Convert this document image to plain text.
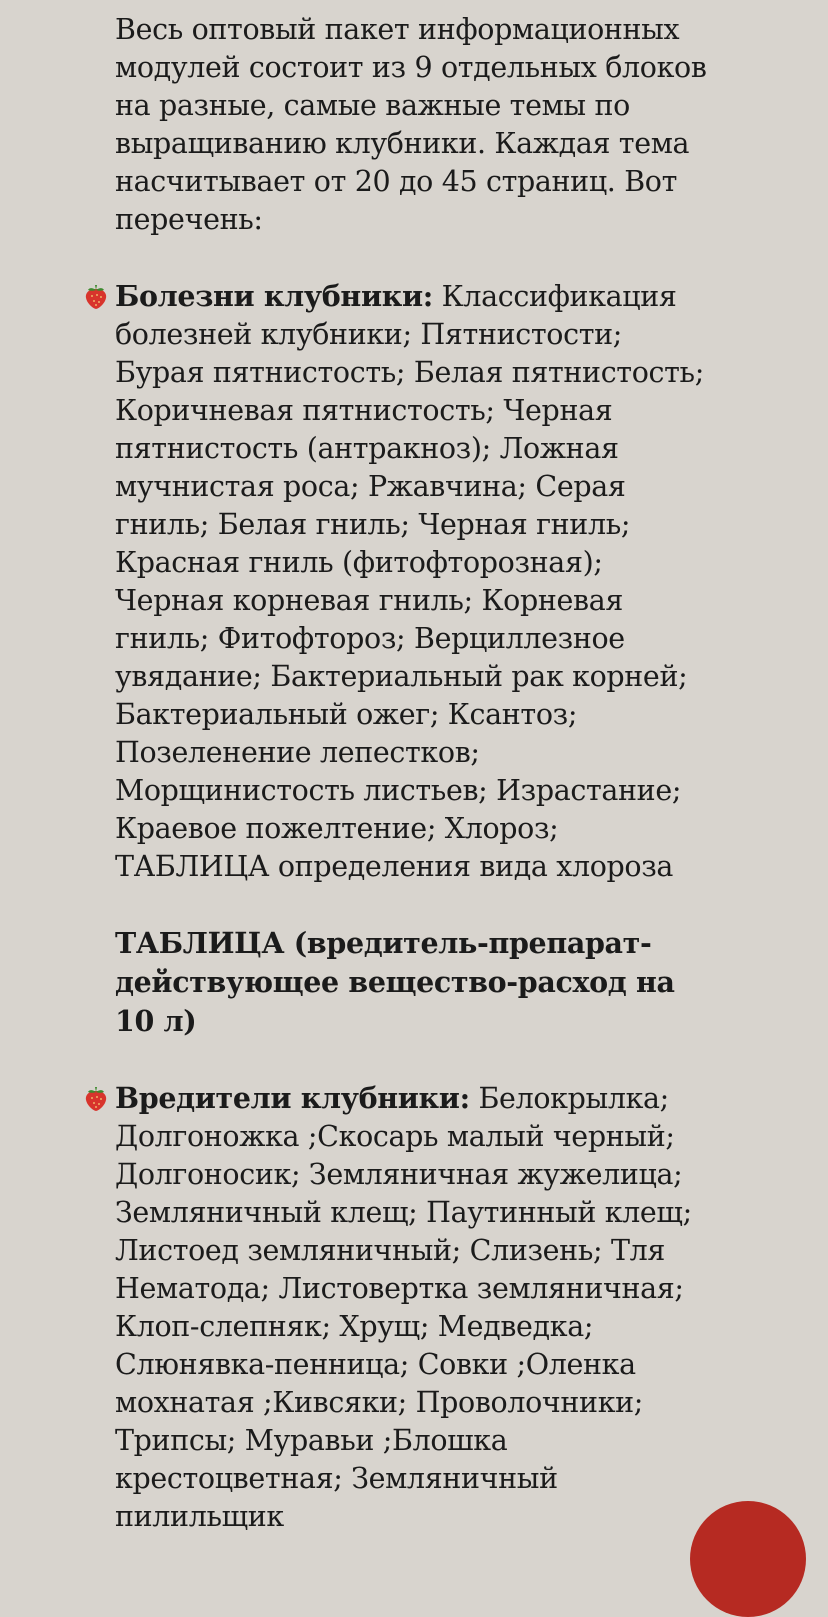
Весь оптовый пакет информационных модулей состоит из 9 отдельных блоков на разные, самые важные темы по выращиванию клубники. Каждая тема насчитывает от 20 до 45 страниц. Вот перечень:

Болезни клубники: Классификация болезней клубники; Пятнистости; Бурая пятнистость; Белая пятнистость; Коричневая пятнистость; Черная пятнистость (антракноз); Ложная мучнистая роса; Ржавчина; Серая гниль; Белая гниль; Черная гниль; Красная гниль (фитофторозная); Черная корневая гниль; Корневая гниль; Фитофтороз; Верциллезное увядание; Бактериальный рак корней; Бактериальный ожег; Ксантоз; Позеленение лепестков; Морщинистость листьев; Израстание; Краевое пожелтение; Хлороз; ТАБЛИЦА определения вида хлороза

ТАБЛИЦА (вредитель-препарат-действующее вещество-расход на 10 л)

Вредители клубники: Белокрылка; Долгоножка ;Скосарь малый черный; Долгоносик; Земляничная жужелица; Земляничный клещ; Паутинный клещ; Листоед земляничный; Слизень; Тля Нематода; Листовертка земляничная; Клоп-слепняк; Хрущ; Медведка; Слюнявка-пенница; Совки ;Оленка мохнатая ;Кивсяки; Проволочники; Трипсы; Муравьи ;Блошка крестоцветная; Земляничный пилильщик
